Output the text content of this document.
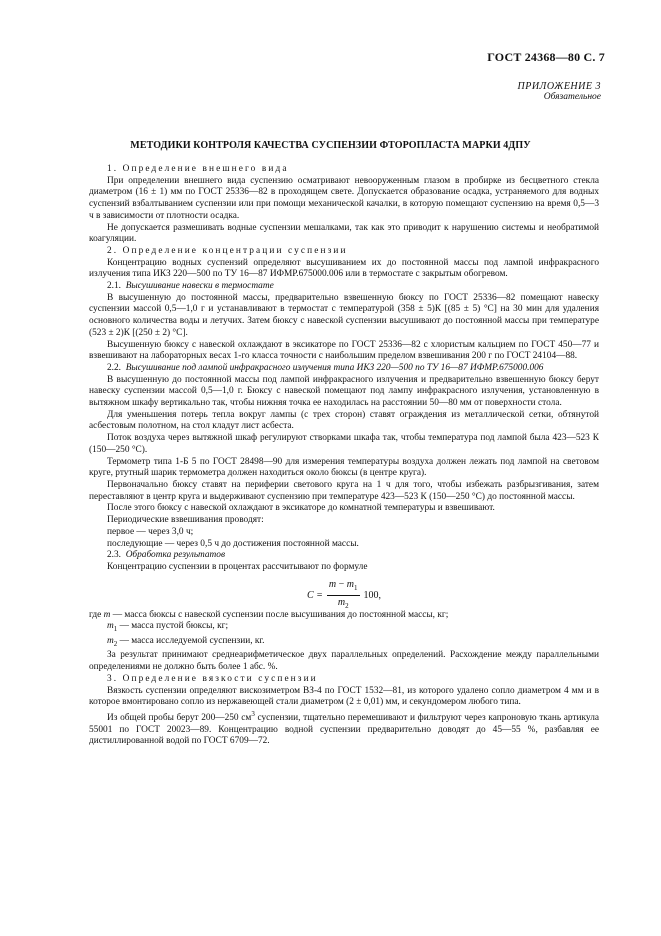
ГОСТ 24368—80 С. 7
ПРИЛОЖЕНИЕ 3
Обязательное
МЕТОДИКИ КОНТРОЛЯ КАЧЕСТВА СУСПЕНЗИИ ФТОРОПЛАСТА МАРКИ 4ДПУ

1. Определение внешнего вида

При определении внешнего вида суспензию осматривают невооруженным глазом в пробирке из бесцветного стекла диаметром (16 ± 1) мм по ГОСТ 25336—82 в проходящем свете. Допускается образование осадка, устраняемого для водных суспензий взбалтыванием суспензии или при помощи механической качалки, в которую помещают суспензию на время 0,5—3 ч в зависимости от плотности осадка.

Не допускается размешивать водные суспензии мешалками, так как это приводит к нарушению системы и необратимой коагуляции.

2. Определение концентрации суспензии

Концентрацию водных суспензий определяют высушиванием их до постоянной массы под лампой инфракрасного излучения типа ИКЗ 220—500 по ТУ 16—87 ИФМР.675000.006 или в термостате с закрытым обогревом.

2.1. Высушивание навески в термостате

В высушенную до постоянной массы, предварительно взвешенную бюксу по ГОСТ 25336—82 помещают навеску суспензии массой 0,5—1,0 г и устанавливают в термостат с температурой (358 ± 5)К [(85 ± 5) °С] на 30 мин для удаления основного количества воды и летучих. Затем бюксу с навеской суспензии высушивают до постоянной массы при температуре (523 ± 2)К [(250 ± 2) °С].

Высушенную бюксу с навеской охлаждают в эксикаторе по ГОСТ 25336—82 с хлористым кальцием по ГОСТ 450—77 и взвешивают на лабораторных весах 1-го класса точности с наибольшим пределом взвешивания 200 г по ГОСТ 24104—88.

2.2. Высушивание под лампой инфракрасного излучения типа ИКЗ 220—500 по ТУ 16—87 ИФМР.675000.006

В высушенную до постоянной массы под лампой инфракрасного излучения и предварительно взвешенную бюксу берут навеску суспензии массой 0,5—1,0 г. Бюксу с навеской помещают под лампу инфракрасного излучения, установленную в вытяжном шкафу вертикально так, чтобы нижняя точка ее находилась на расстоянии 50—80 мм от поверхности стола.

Для уменьшения потерь тепла вокруг лампы (с трех сторон) ставят ограждения из металлической сетки, обтянутой асбестовым полотном, на стол кладут лист асбеста.

Поток воздуха через вытяжной шкаф регулируют створками шкафа так, чтобы температура под лампой была 423—523 К (150—250 °С).

Термометр типа 1-Б 5 по ГОСТ 28498—90 для измерения температуры воздуха должен лежать под лампой на световом круге, ртутный шарик термометра должен находиться около бюксы (в центре круга).

Первоначально бюксу ставят на периферии светового круга на 1 ч для того, чтобы избежать разбрызгивания, затем переставляют в центр круга и выдерживают суспензию при температуре 423—523 К (150—250 °С) до постоянной массы.

После этого бюксу с навеской охлаждают в эксикаторе до комнатной температуры и взвешивают.

Периодические взвешивания проводят:

первое — через 3,0 ч;

последующие — через 0,5 ч до достижения постоянной массы.

2.3. Обработка результатов

Концентрацию суспензии в процентах рассчитывают по формуле

$C = \frac{m - m_1}{m_2} 100$,

где m — масса бюксы с навеской суспензии после высушивания до постоянной массы, кг;

$m_1$ — масса пустой бюксы, кг;

$m_2$ — масса исследуемой суспензии, кг.

За результат принимают среднеарифметическое двух параллельных определений. Расхождение между параллельными определениями не должно быть более 1 абс. %.

3. Определение вязкости суспензии

Вязкость суспензии определяют вискозиметром ВЗ-4 по ГОСТ 1532—81, из которого удалено сопло диаметром 4 мм и в которое вмонтировано сопло из нержавеющей стали диаметром (2 ± 0,01) мм, и секундомером любого типа.

Из общей пробы берут 200—250 $см^3$ суспензии, тщательно перемешивают и фильтруют через капроновую ткань артикула 55001 по ГОСТ 20023—89. Концентрацию водной суспензии предварительно доводят до 45—55 %, разбавляя ее дистиллированной водой по ГОСТ 6709—72.
